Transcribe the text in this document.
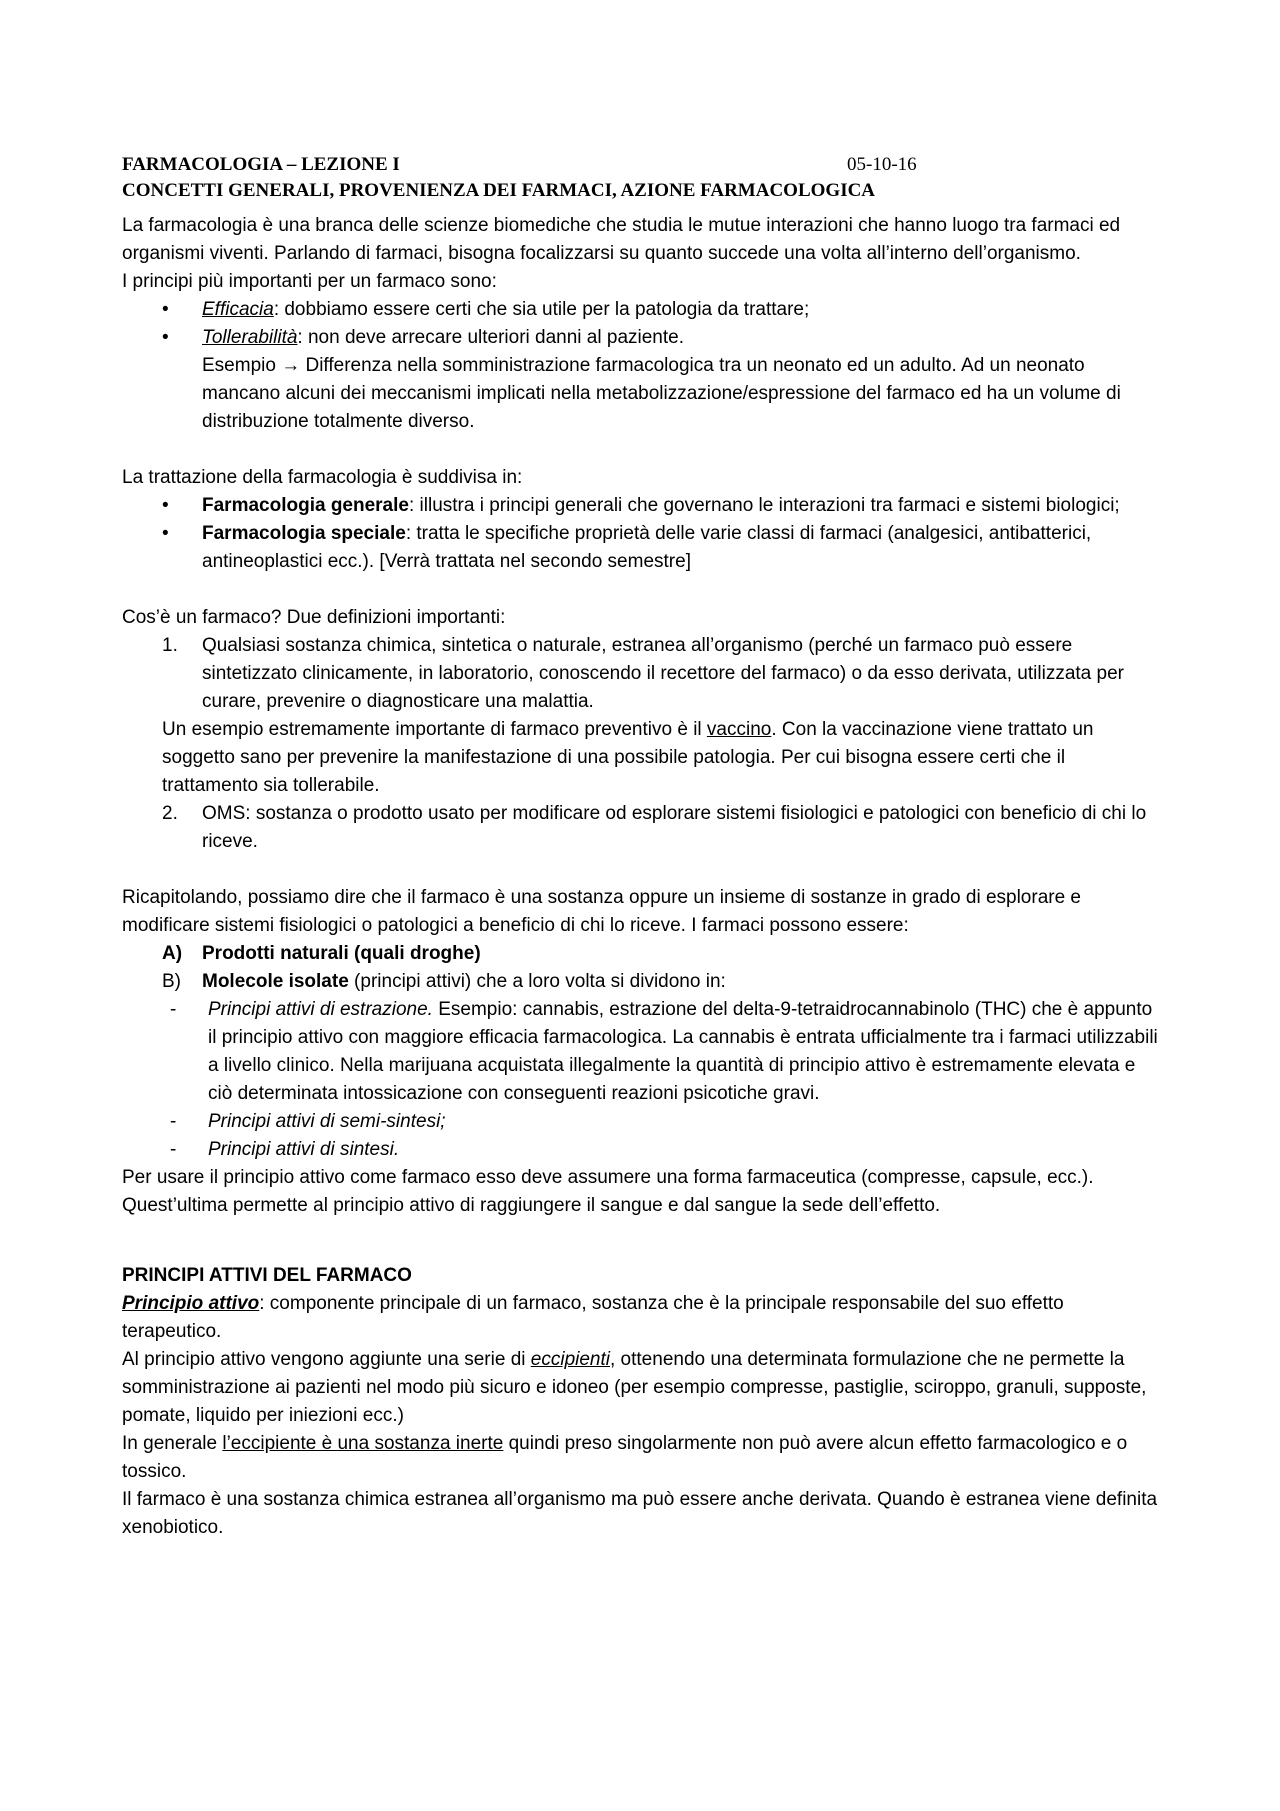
FARMACOLOGIA – LEZIONE I	05-10-16
CONCETTI GENERALI, PROVENIENZA DEI FARMACI, AZIONE FARMACOLOGICA

La farmacologia è una branca delle scienze biomediche che studia le mutue interazioni che hanno luogo tra farmaci ed organismi viventi. Parlando di farmaci, bisogna focalizzarsi su quanto succede una volta all’interno dell’organismo.

I principi più importanti per un farmaco sono:

• Efficacia: dobbiamo essere certi che sia utile per la patologia da trattare;
• Tollerabilità: non deve arrecare ulteriori danni al paziente.

Esempio → Differenza nella somministrazione farmacologica tra un neonato ed un adulto. Ad un neonato mancano alcuni dei meccanismi implicati nella metabolizzazione/espressione del farmaco ed ha un volume di distribuzione totalmente diverso.

La trattazione della farmacologia è suddivisa in:

• Farmacologia generale: illustra i principi generali che governano le interazioni tra farmaci e sistemi biologici;
• Farmacologia speciale: tratta le specifiche proprietà delle varie classi di farmaci (analgesici, antibatterici, antineoplastici ecc.). [Verrà trattata nel secondo semestre]

Cos’è un farmaco? Due definizioni importanti:

1. Qualsiasi sostanza chimica, sintetica o naturale, estranea all’organismo (perché un farmaco può essere sintetizzato clinicamente, in laboratorio, conoscendo il recettore del farmaco) o da esso derivata, utilizzata per curare, prevenire o diagnosticare una malattia.

Un esempio estremamente importante di farmaco preventivo è il vaccino. Con la vaccinazione viene trattato un soggetto sano per prevenire la manifestazione di una possibile patologia. Per cui bisogna essere certi che il trattamento sia tollerabile.

2. OMS: sostanza o prodotto usato per modificare od esplorare sistemi fisiologici e patologici con beneficio di chi lo riceve.

Ricapitolando, possiamo dire che il farmaco è una sostanza oppure un insieme di sostanze in grado di esplorare e modificare sistemi fisiologici o patologici a beneficio di chi lo riceve. I farmaci possono essere:

A) Prodotti naturali (quali droghe)
B) Molecole isolate (principi attivi) che a loro volta si dividono in:
- Principi attivi di estrazione. Esempio: cannabis, estrazione del delta-9-tetraidrocannabinolo (THC) che è appunto il principio attivo con maggiore efficacia farmacologica. La cannabis è entrata ufficialmente tra i farmaci utilizzabili a livello clinico. Nella marijuana acquistata illegalmente la quantità di principio attivo è estremamente elevata e ciò determinata intossicazione con conseguenti reazioni psicotiche gravi.
- Principi attivi di semi-sintesi;
- Principi attivi di sintesi.

Per usare il principio attivo come farmaco esso deve assumere una forma farmaceutica (compresse, capsule, ecc.). Quest’ultima permette al principio attivo di raggiungere il sangue e dal sangue la sede dell’effetto.

PRINCIPI ATTIVI DEL FARMACO

Principio attivo: componente principale di un farmaco, sostanza che è la principale responsabile del suo effetto terapeutico.

Al principio attivo vengono aggiunte una serie di eccipienti, ottenendo una determinata formulazione che ne permette la somministrazione ai pazienti nel modo più sicuro e idoneo (per esempio compresse, pastiglie, sciroppo, granuli, supposte, pomate, liquido per iniezioni ecc.)

In generale l’eccipiente è una sostanza inerte quindi preso singolarmente non può avere alcun effetto farmacologico e o tossico.

Il farmaco è una sostanza chimica estranea all’organismo ma può essere anche derivata. Quando è estranea viene definita xenobiotico.
